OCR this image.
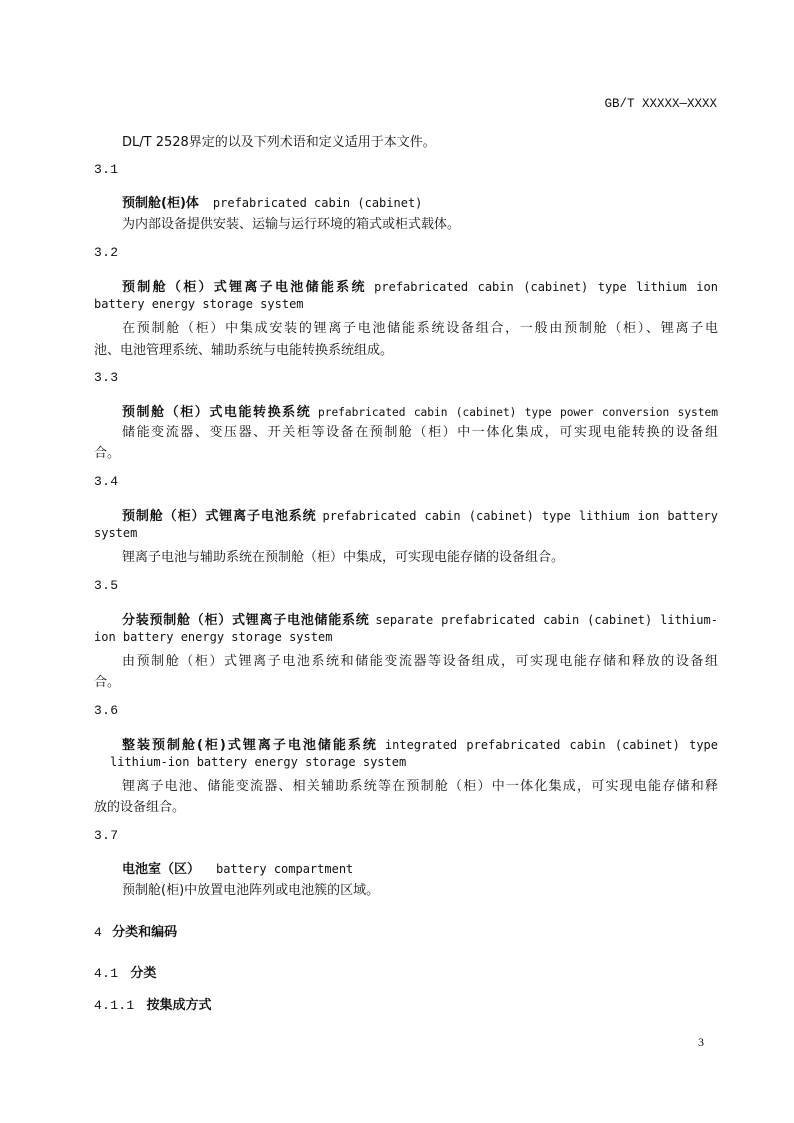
GB/T XXXXX—XXXX
DL/T 2528界定的以及下列术语和定义适用于本文件。
3.1
预制舱(柜)体 prefabricated cabin (cabinet)
为内部设备提供安装、运输与运行环境的箱式或柜式载体。
3.2
预制舱（柜）式锂离子电池储能系统 prefabricated cabin (cabinet) type lithium ion
battery energy storage system
在预制舱（柜）中集成安装的锂离子电池储能系统设备组合，一般由预制舱（柜）、锂离子电
池、电池管理系统、辅助系统与电能转换系统组成。
3.3
预制舱（柜）式电能转换系统 prefabricated cabin (cabinet) type power conversion system
储能变流器、变压器、开关柜等设备在预制舱（柜）中一体化集成，可实现电能转换的设备组
合。
3.4
预制舱（柜）式锂离子电池系统 prefabricated cabin (cabinet) type lithium ion battery
system
锂离子电池与辅助系统在预制舱（柜）中集成，可实现电能存储的设备组合。
3.5
分装预制舱（柜）式锂离子电池储能系统 separate prefabricated cabin (cabinet) lithium-
ion battery energy storage system
由预制舱（柜）式锂离子电池系统和储能变流器等设备组成，可实现电能存储和释放的设备组
合。
3.6
整装预制舱(柜)式锂离子电池储能系统 integrated prefabricated cabin (cabinet) type
lithium-ion battery energy storage system
锂离子电池、储能变流器、相关辅助系统等在预制舱（柜）中一体化集成，可实现电能存储和释
放的设备组合。
3.7
电池室（区） battery compartment
预制舱(柜)中放置电池阵列或电池簇的区域。
4 分类和编码
4.1 分类
4.1.1 按集成方式
3
